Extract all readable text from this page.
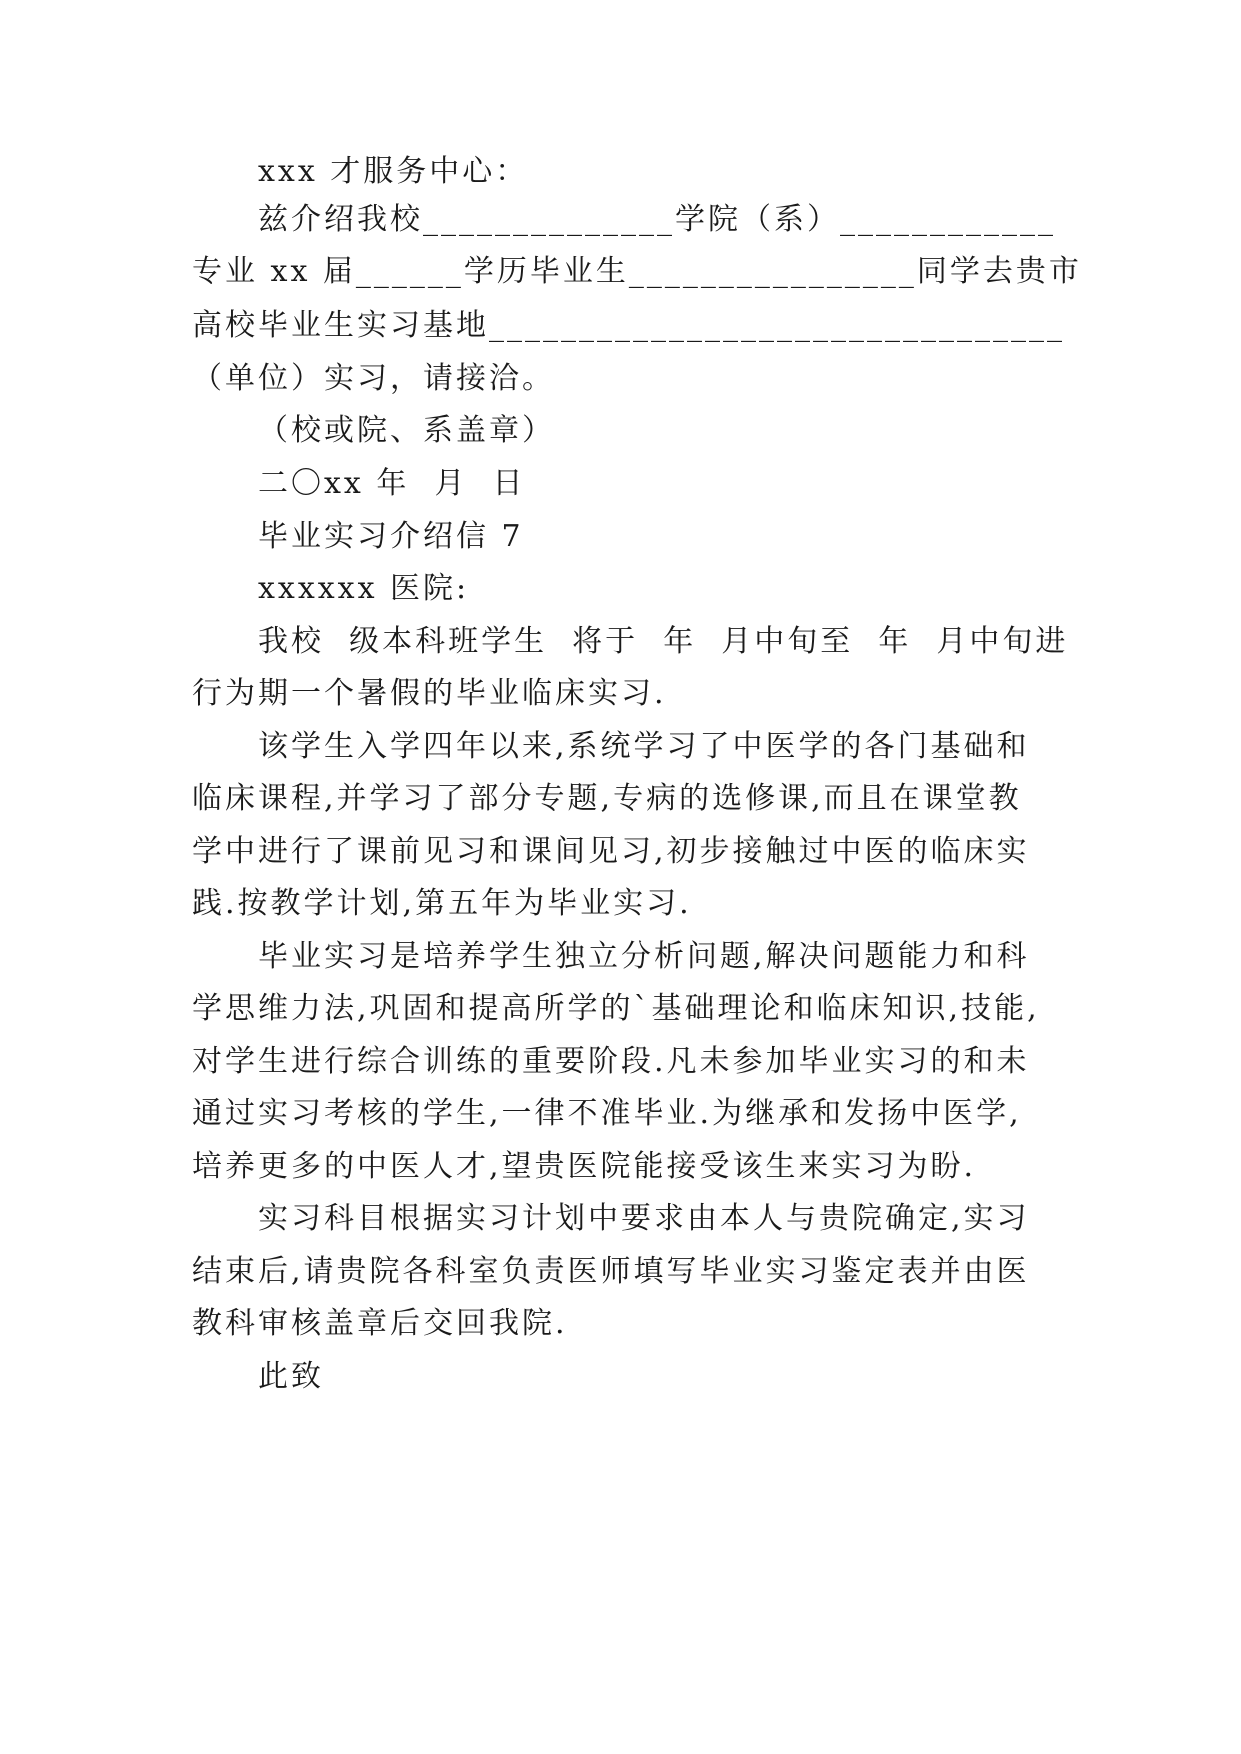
xxx 才服务中心：
兹介绍我校______________学院（系）____________
专业 xx 届______学历毕业生________________同学去贵市
高校毕业生实习基地________________________________
（单位）实习，请接洽。
（校或院、系盖章）
二〇xx 年  月  日
毕业实习介绍信 7
xxxxxx 医院:
我校  级本科班学生  将于  年  月中旬至  年  月中旬进
行为期一个暑假的毕业临床实习.
该学生入学四年以来,系统学习了中医学的各门基础和
临床课程,并学习了部分专题,专病的选修课,而且在课堂教
学中进行了课前见习和课间见习,初步接触过中医的临床实
践.按教学计划,第五年为毕业实习.
毕业实习是培养学生独立分析问题,解决问题能力和科
学思维力法,巩固和提高所学的`基础理论和临床知识,技能,
对学生进行综合训练的重要阶段.凡未参加毕业实习的和未
通过实习考核的学生,一律不准毕业.为继承和发扬中医学,
培养更多的中医人才,望贵医院能接受该生来实习为盼.
实习科目根据实习计划中要求由本人与贵院确定,实习
结束后,请贵院各科室负责医师填写毕业实习鉴定表并由医
教科审核盖章后交回我院.
此致
